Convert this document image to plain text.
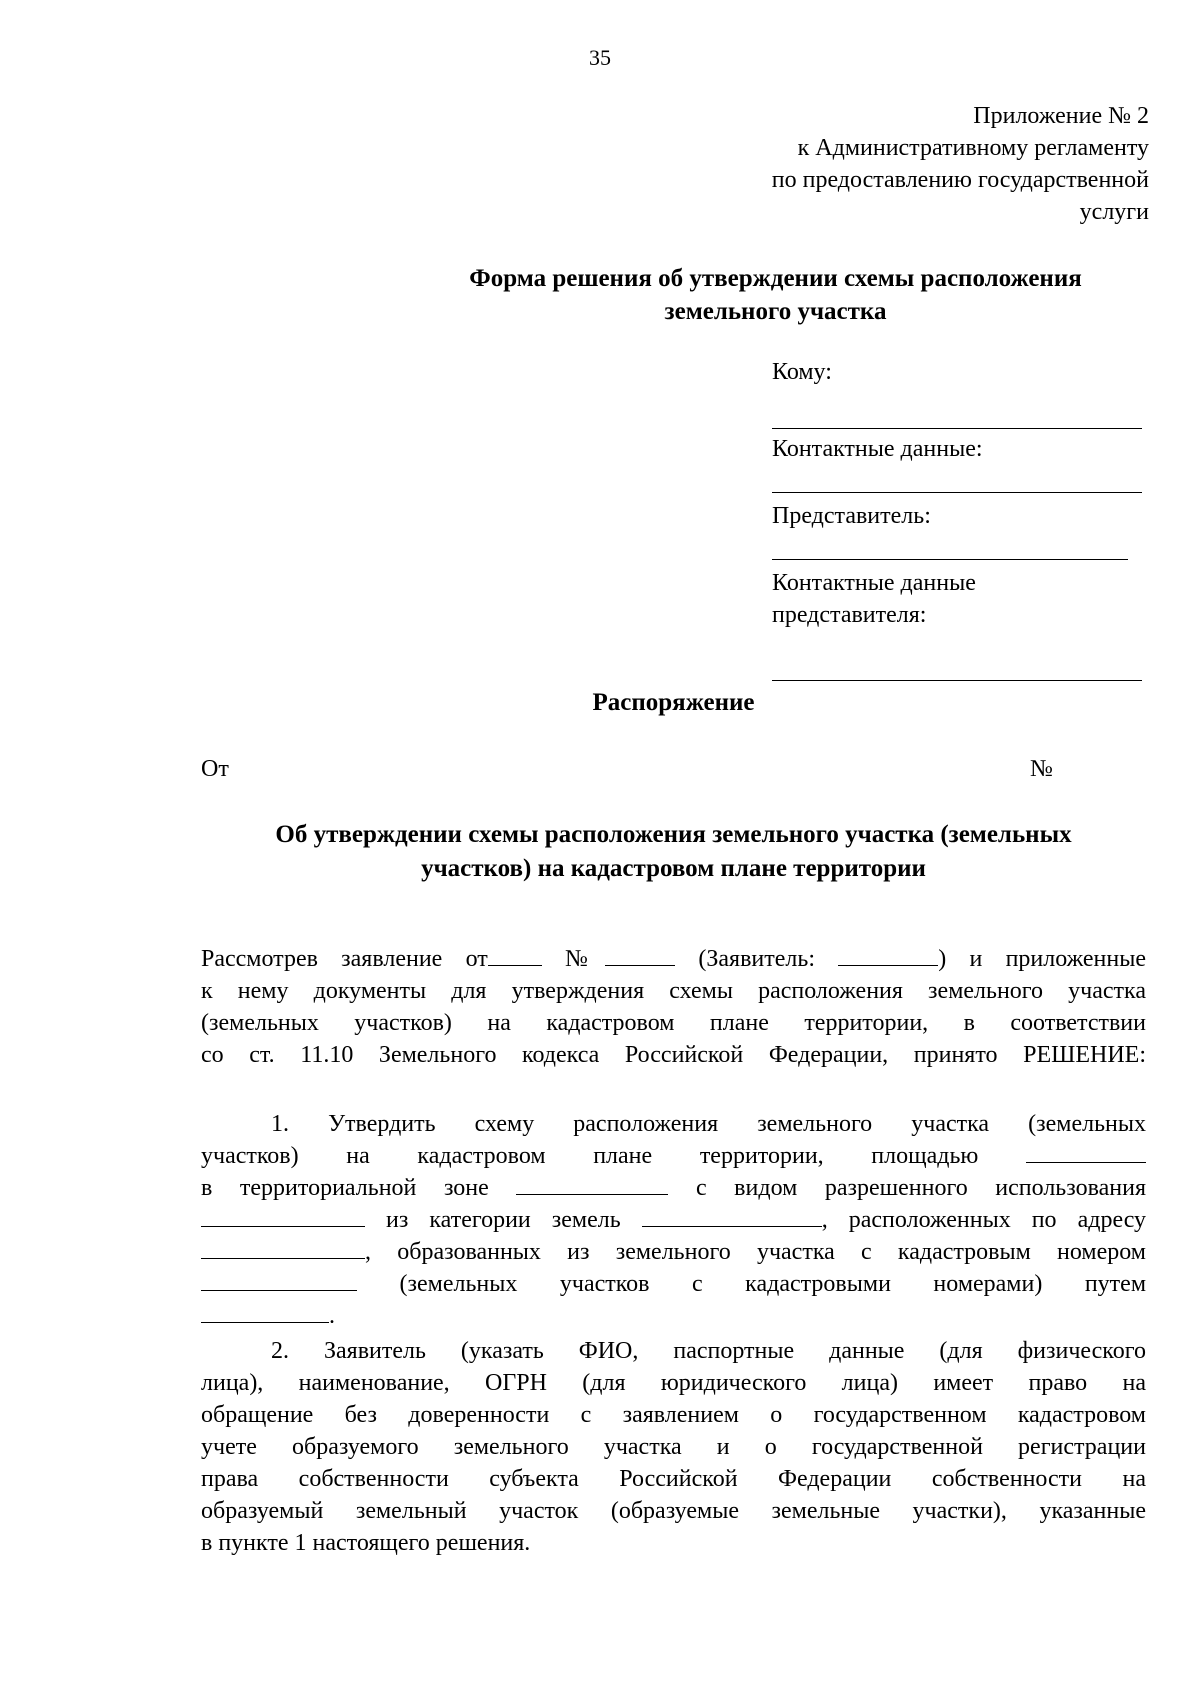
35
Приложение № 2
к Административному регламенту
по предоставлению государственной
услуги
Форма решения об утверждении схемы расположения
земельного участка
Кому:
Контактные данные:
Представитель:
Контактные данные
представителя:
Распоряжение
От	№
Об утверждении схемы расположения земельного участка (земельных
участков) на кадастровом плане территории
Рассмотрев заявление от	№	(Заявитель:	) и приложенные
к нему документы для утверждения схемы расположения земельного участка
(земельных участков) на кадастровом плане территории, в соответствии
со ст. 11.10 Земельного кодекса Российской Федерации, принято РЕШЕНИЕ:
1. Утвердить схему расположения земельного участка (земельных
участков) на кадастровом плане территории, площадью
в территориальной зоне	с видом разрешенного использования
из категории земель	, расположенных по адресу
, образованных из земельного участка с кадастровым номером
(земельных участков с кадастровыми номерами) путем
.
2. Заявитель (указать ФИО, паспортные данные (для физического
лица), наименование, ОГРН (для юридического лица) имеет право на
обращение без доверенности с заявлением о государственном кадастровом
учете образуемого земельного участка и о государственной регистрации
права собственности субъекта Российской Федерации собственности на
образуемый земельный участок (образуемые земельные участки), указанные
в пункте 1 настоящего решения.
